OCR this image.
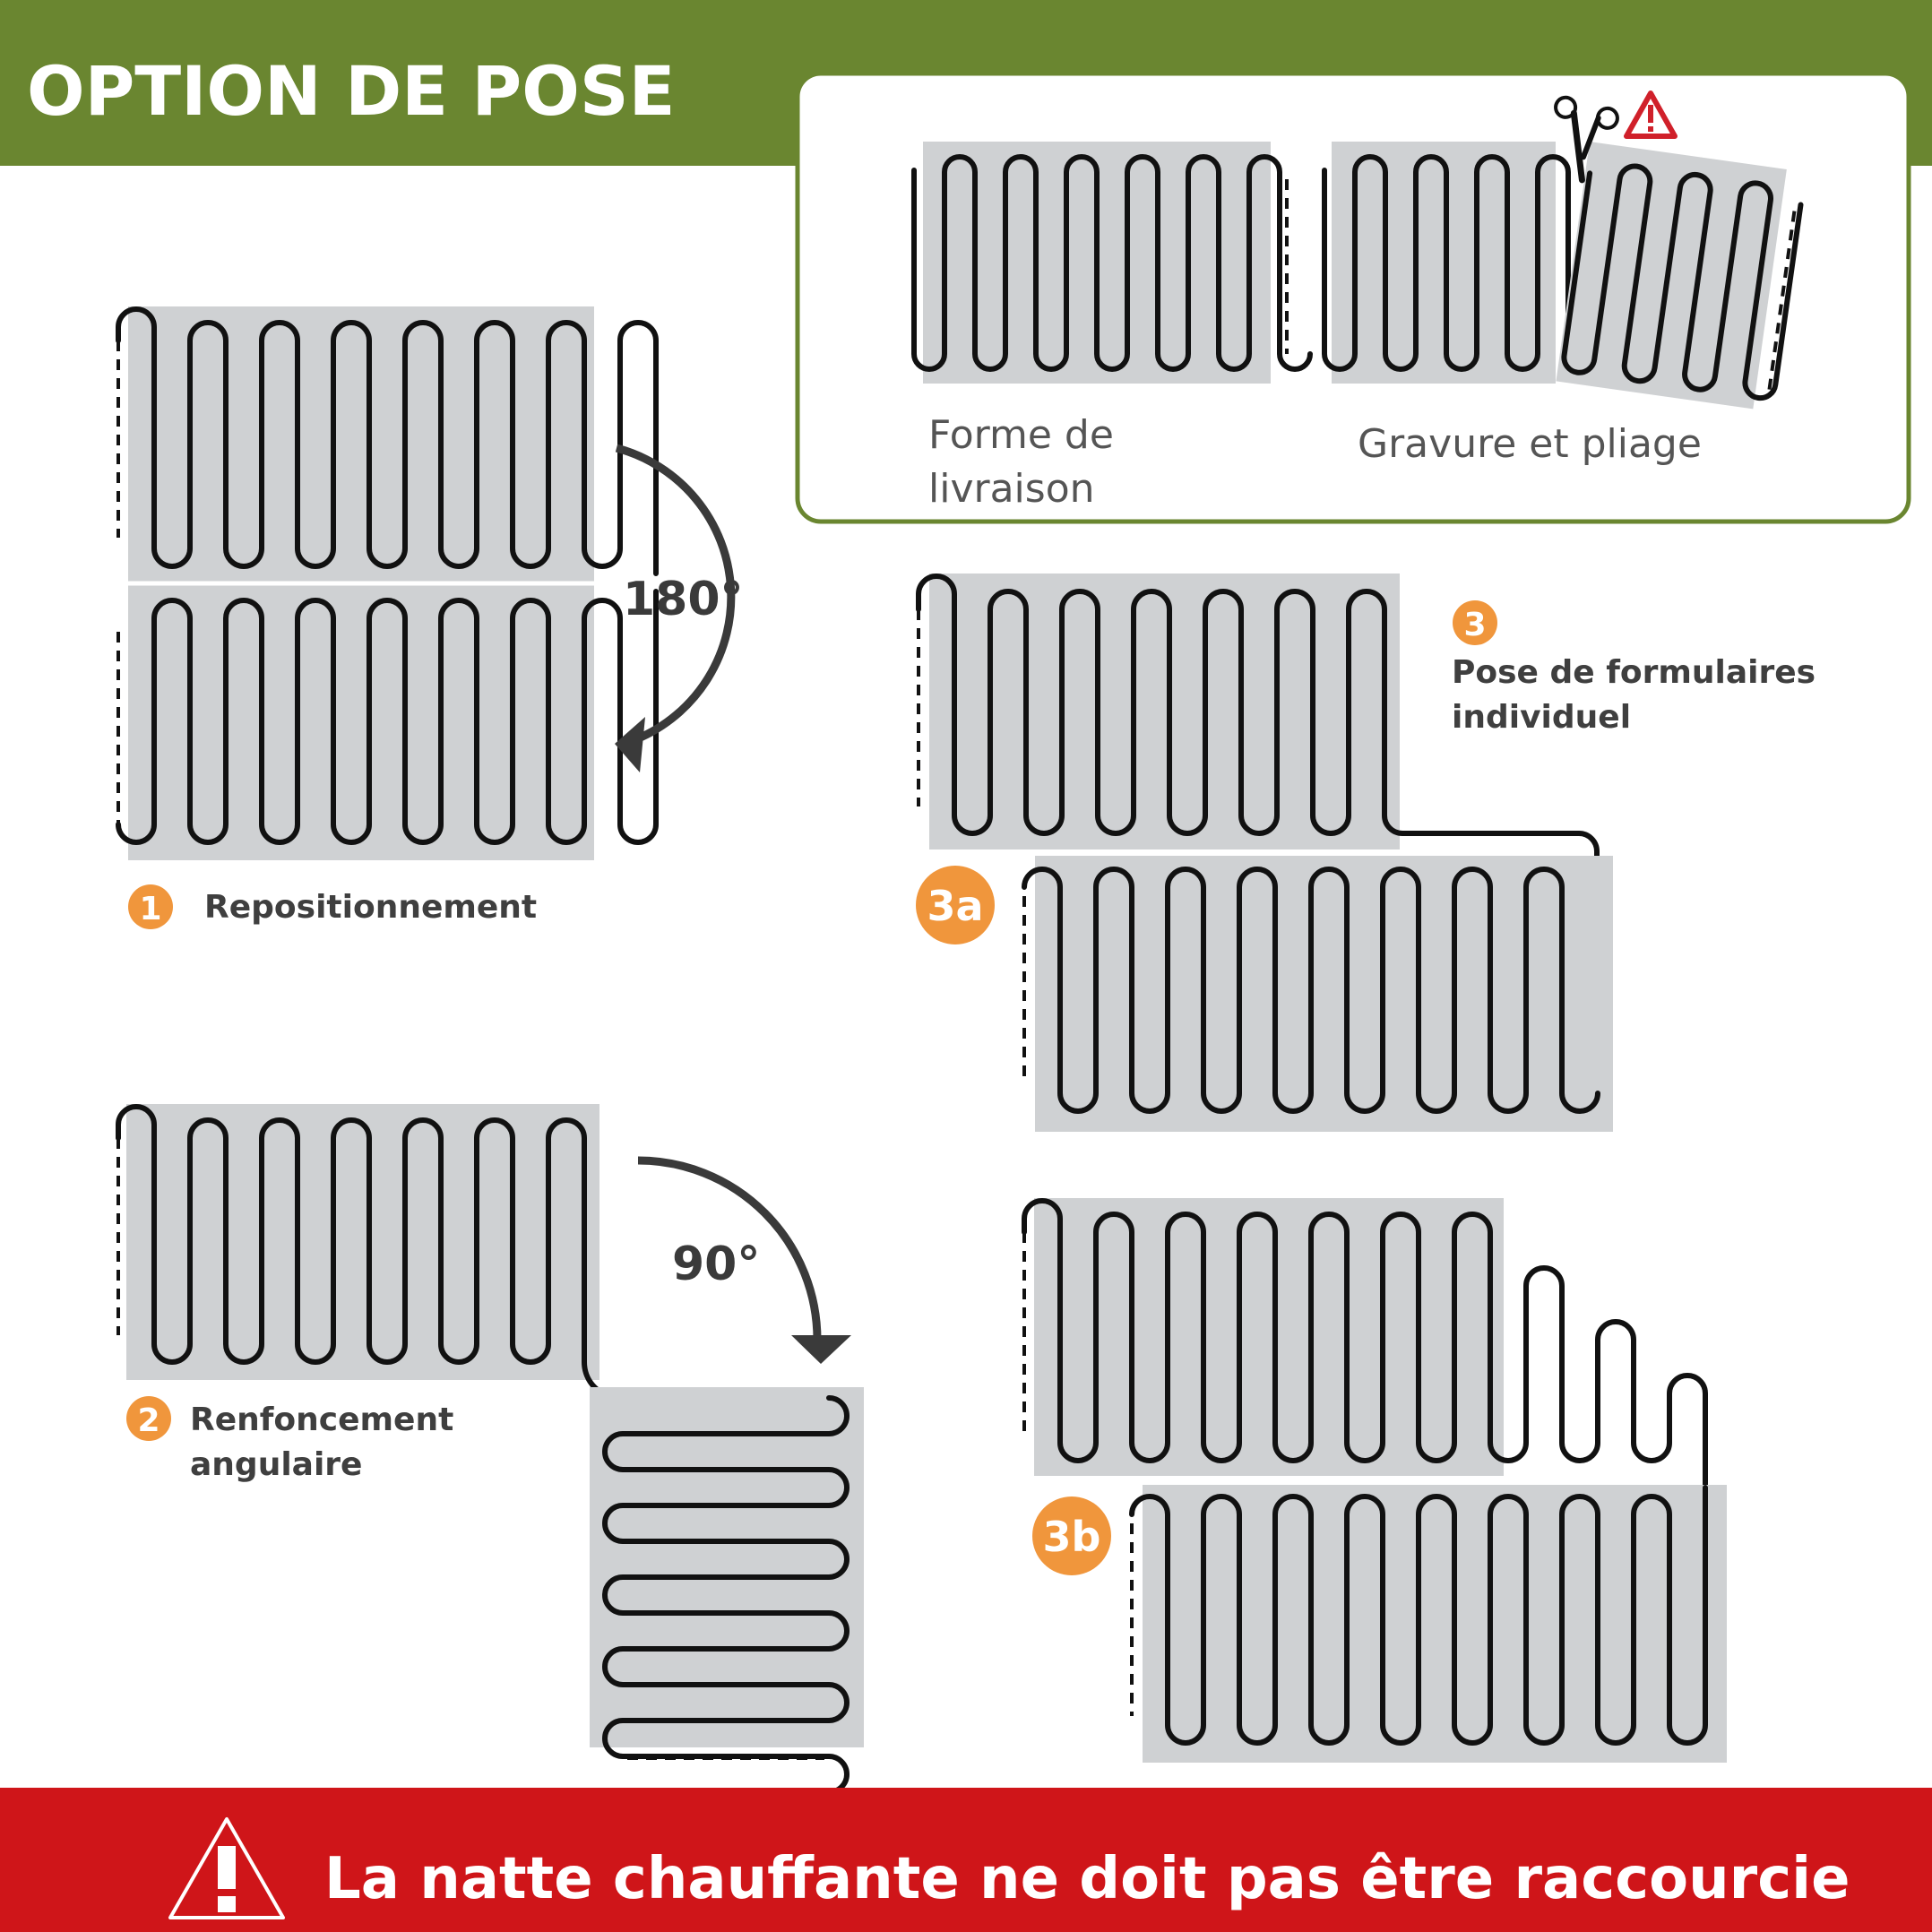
OPTION DE POSE
Forme de
livraison
Gravure et pliage
180°
1 Repositionnement
90°
2 Renfoncement
angulaire
3
Pose de formulaires
individuel
3a
3b
La natte chauffante ne doit pas être raccourcie
